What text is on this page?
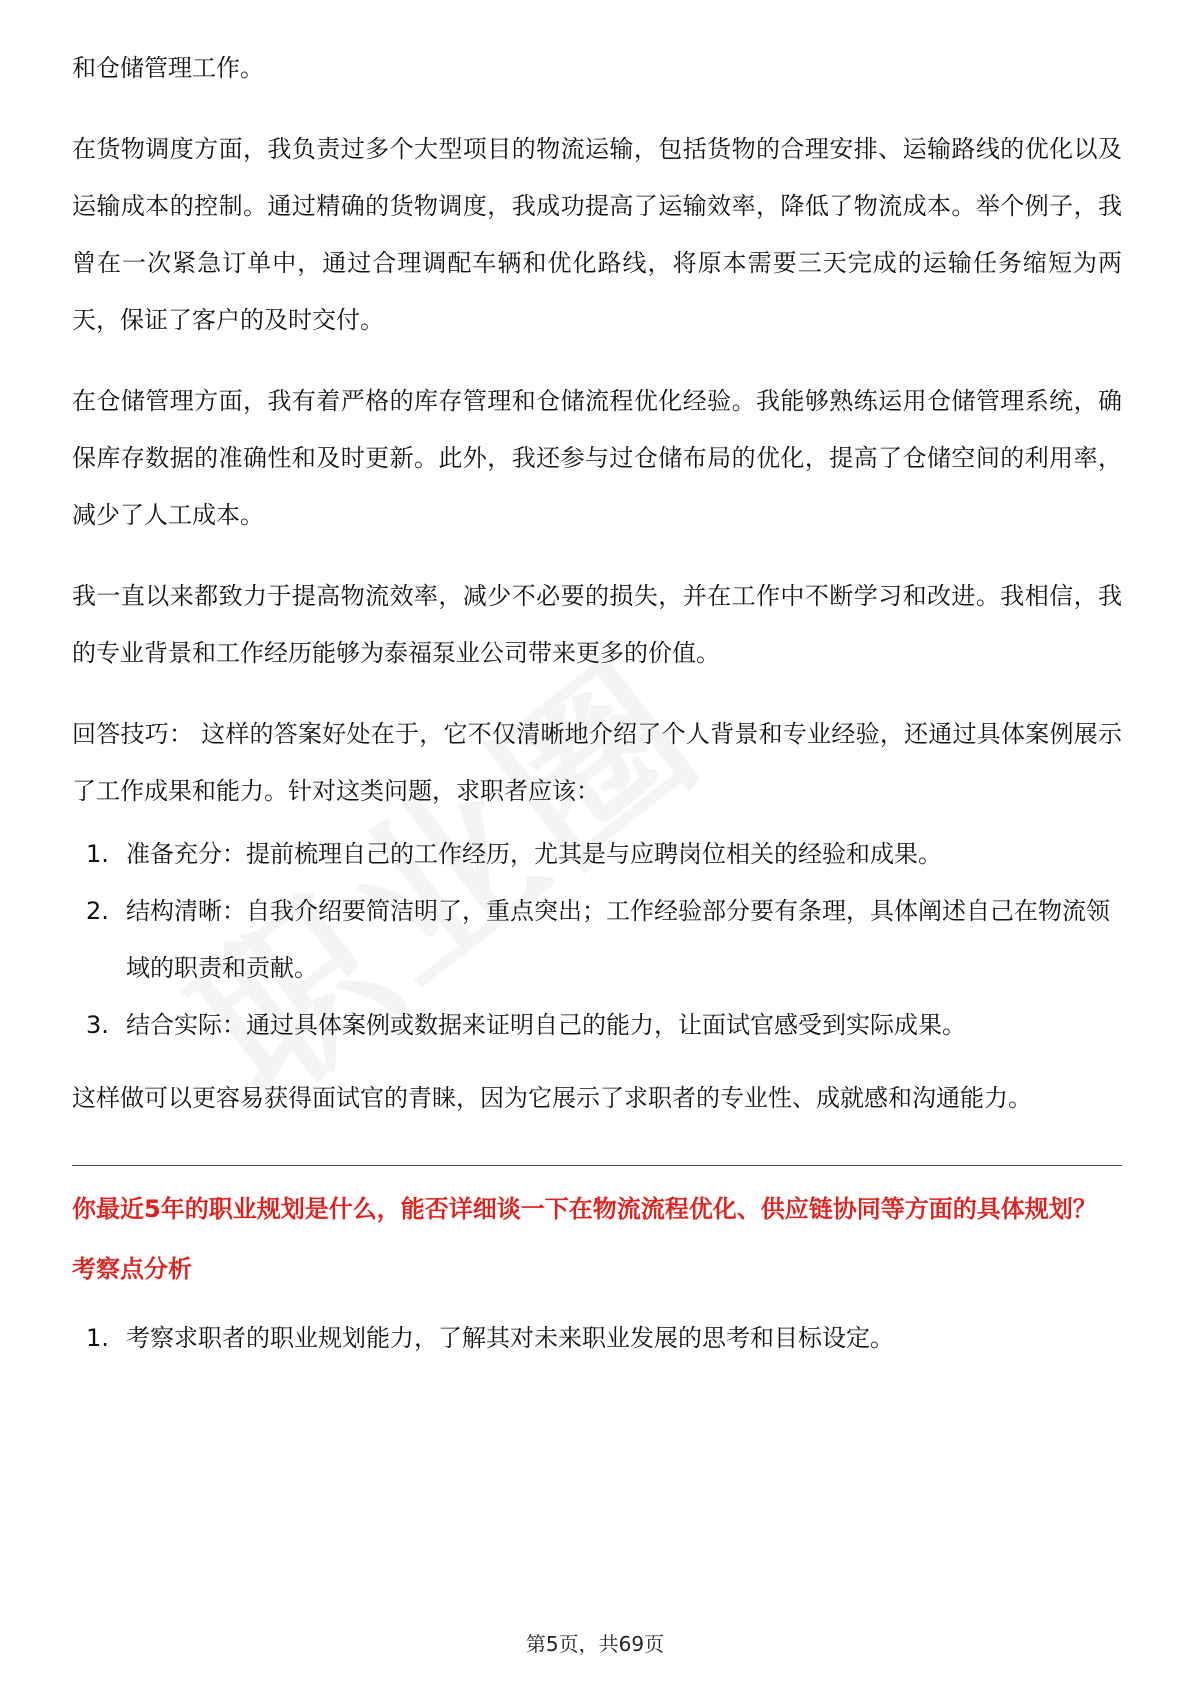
和仓储管理工作。

在货物调度方面，我负责过多个大型项目的物流运输，包括货物的合理安排、运输路线的优化以及运输成本的控制。通过精确的货物调度，我成功提高了运输效率，降低了物流成本。举个例子，我曾在一次紧急订单中，通过合理调配车辆和优化路线，将原本需要三天完成的运输任务缩短为两天，保证了客户的及时交付。

在仓储管理方面，我有着严格的库存管理和仓储流程优化经验。我能够熟练运用仓储管理系统，确保库存数据的准确性和及时更新。此外，我还参与过仓储布局的优化，提高了仓储空间的利用率，减少了人工成本。

我一直以来都致力于提高物流效率，减少不必要的损失，并在工作中不断学习和改进。我相信，我的专业背景和工作经历能够为泰福泵业公司带来更多的价值。

回答技巧： 这样的答案好处在于，它不仅清晰地介绍了个人背景和专业经验，还通过具体案例展示了工作成果和能力。针对这类问题，求职者应该：

1. 准备充分：提前梳理自己的工作经历，尤其是与应聘岗位相关的经验和成果。
2. 结构清晰：自我介绍要简洁明了，重点突出；工作经验部分要有条理，具体阐述自己在物流领域的职责和贡献。
3. 结合实际：通过具体案例或数据来证明自己的能力，让面试官感受到实际成果。

这样做可以更容易获得面试官的青睐，因为它展示了求职者的专业性、成就感和沟通能力。

你最近5年的职业规划是什么，能否详细谈一下在物流流程优化、供应链协同等方面的具体规划？

考察点分析

1. 考察求职者的职业规划能力，了解其对未来职业发展的思考和目标设定。
第5页，共69页
